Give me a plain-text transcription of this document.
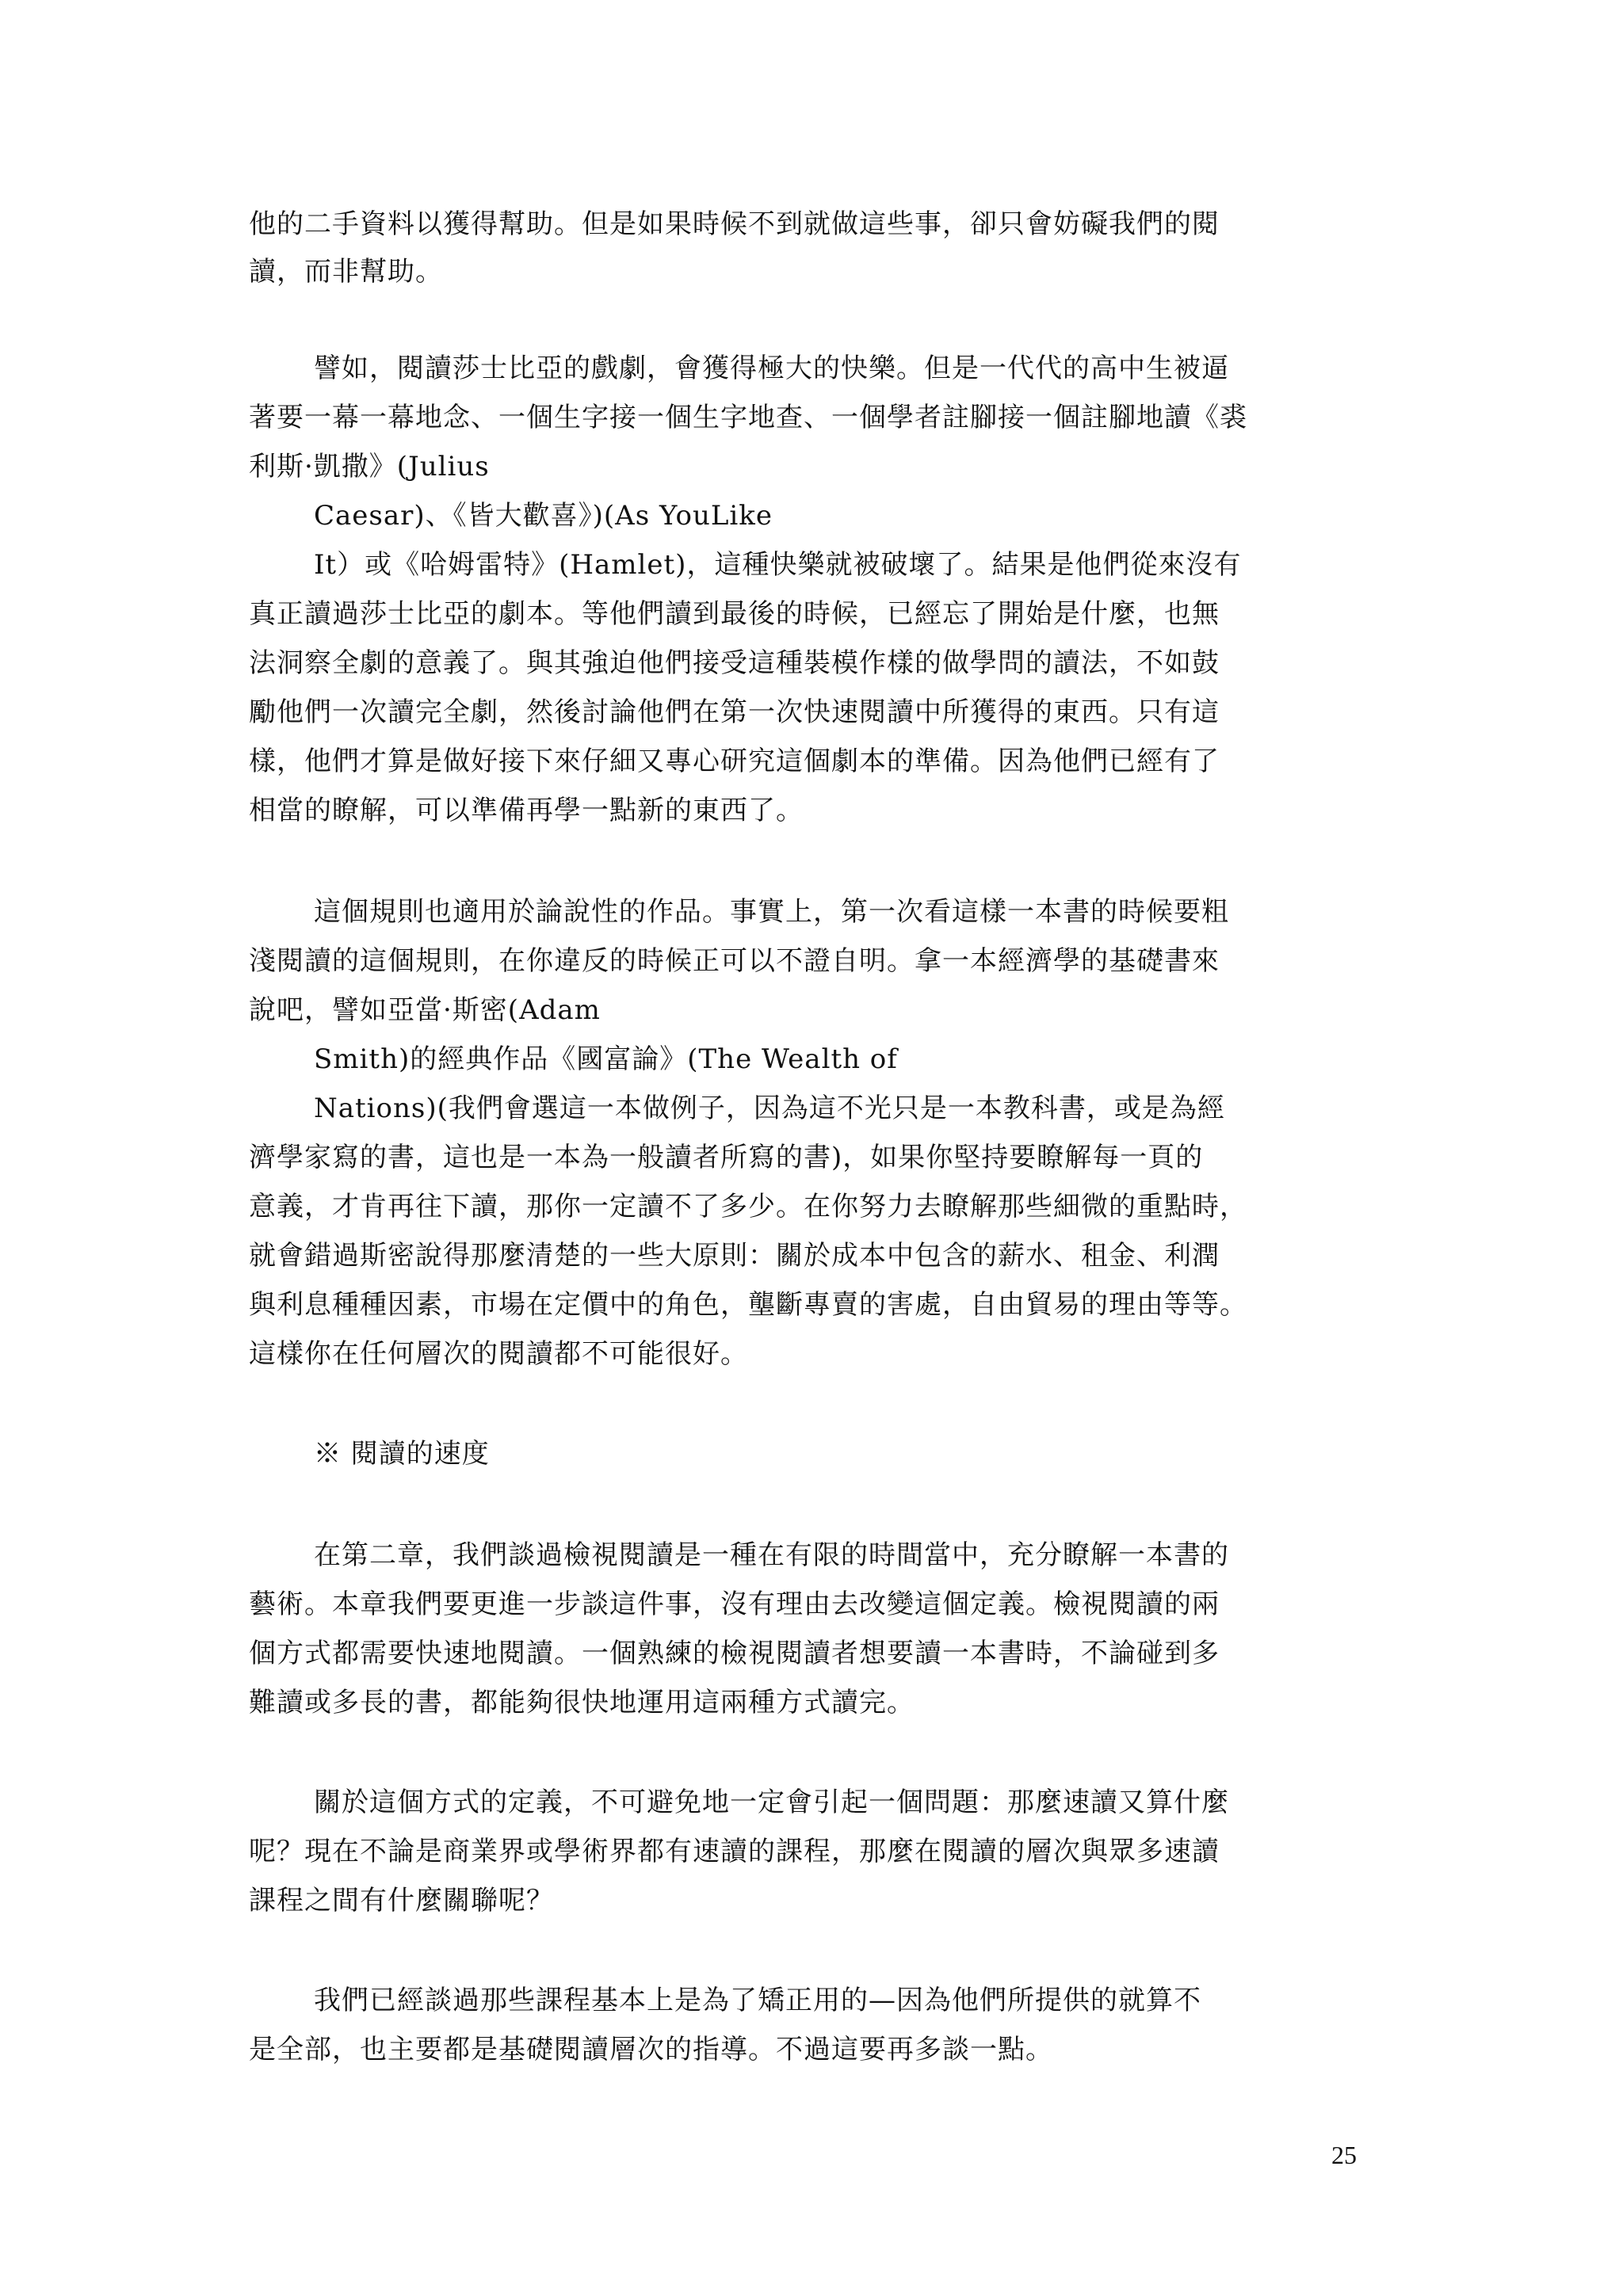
他的二手資料以獲得幫助。但是如果時候不到就做這些事，卻只會妨礙我們的閱
讀，而非幫助。
譬如，閱讀莎士比亞的戲劇，會獲得極大的快樂。但是一代代的高中生被逼
著要一幕一幕地念、一個生字接一個生字地查、一個學者註腳接一個註腳地讀《裘
利斯·凱撒》(Julius
Caesar)、《皆大歡喜》)(As YouLike
It）或《哈姆雷特》(Hamlet)，這種快樂就被破壞了。結果是他們從來沒有
真正讀過莎士比亞的劇本。等他們讀到最後的時候，已經忘了開始是什麼，也無
法洞察全劇的意義了。與其強迫他們接受這種裝模作樣的做學問的讀法，不如鼓
勵他們一次讀完全劇，然後討論他們在第一次快速閱讀中所獲得的東西。只有這
樣，他們才算是做好接下來仔細又專心研究這個劇本的準備。因為他們已經有了
相當的瞭解，可以準備再學一點新的東西了。
這個規則也適用於論說性的作品。事實上，第一次看這樣一本書的時候要粗
淺閱讀的這個規則，在你違反的時候正可以不證自明。拿一本經濟學的基礎書來
說吧，譬如亞當·斯密(Adam
Smith)的經典作品《國富論》(The Wealth of
Nations)(我們會選這一本做例子，因為這不光只是一本教科書，或是為經
濟學家寫的書，這也是一本為一般讀者所寫的書)，如果你堅持要瞭解每一頁的
意義，才肯再往下讀，那你一定讀不了多少。在你努力去瞭解那些細微的重點時，
就會錯過斯密說得那麼清楚的一些大原則：關於成本中包含的薪水、租金、利潤
與利息種種因素，市場在定價中的角色，壟斷專賣的害處，自由貿易的理由等等。
這樣你在任何層次的閱讀都不可能很好。
※ 閱讀的速度
在第二章，我們談過檢視閱讀是一種在有限的時間當中，充分瞭解一本書的
藝術。本章我們要更進一步談這件事，沒有理由去改變這個定義。檢視閱讀的兩
個方式都需要快速地閱讀。一個熟練的檢視閱讀者想要讀一本書時，不論碰到多
難讀或多長的書，都能夠很快地運用這兩種方式讀完。
關於這個方式的定義，不可避免地一定會引起一個問題：那麼速讀又算什麼
呢？現在不論是商業界或學術界都有速讀的課程，那麼在閱讀的層次與眾多速讀
課程之間有什麼關聯呢？
我們已經談過那些課程基本上是為了矯正用的—因為他們所提供的就算不
是全部，也主要都是基礎閱讀層次的指導。不過這要再多談一點。
25
